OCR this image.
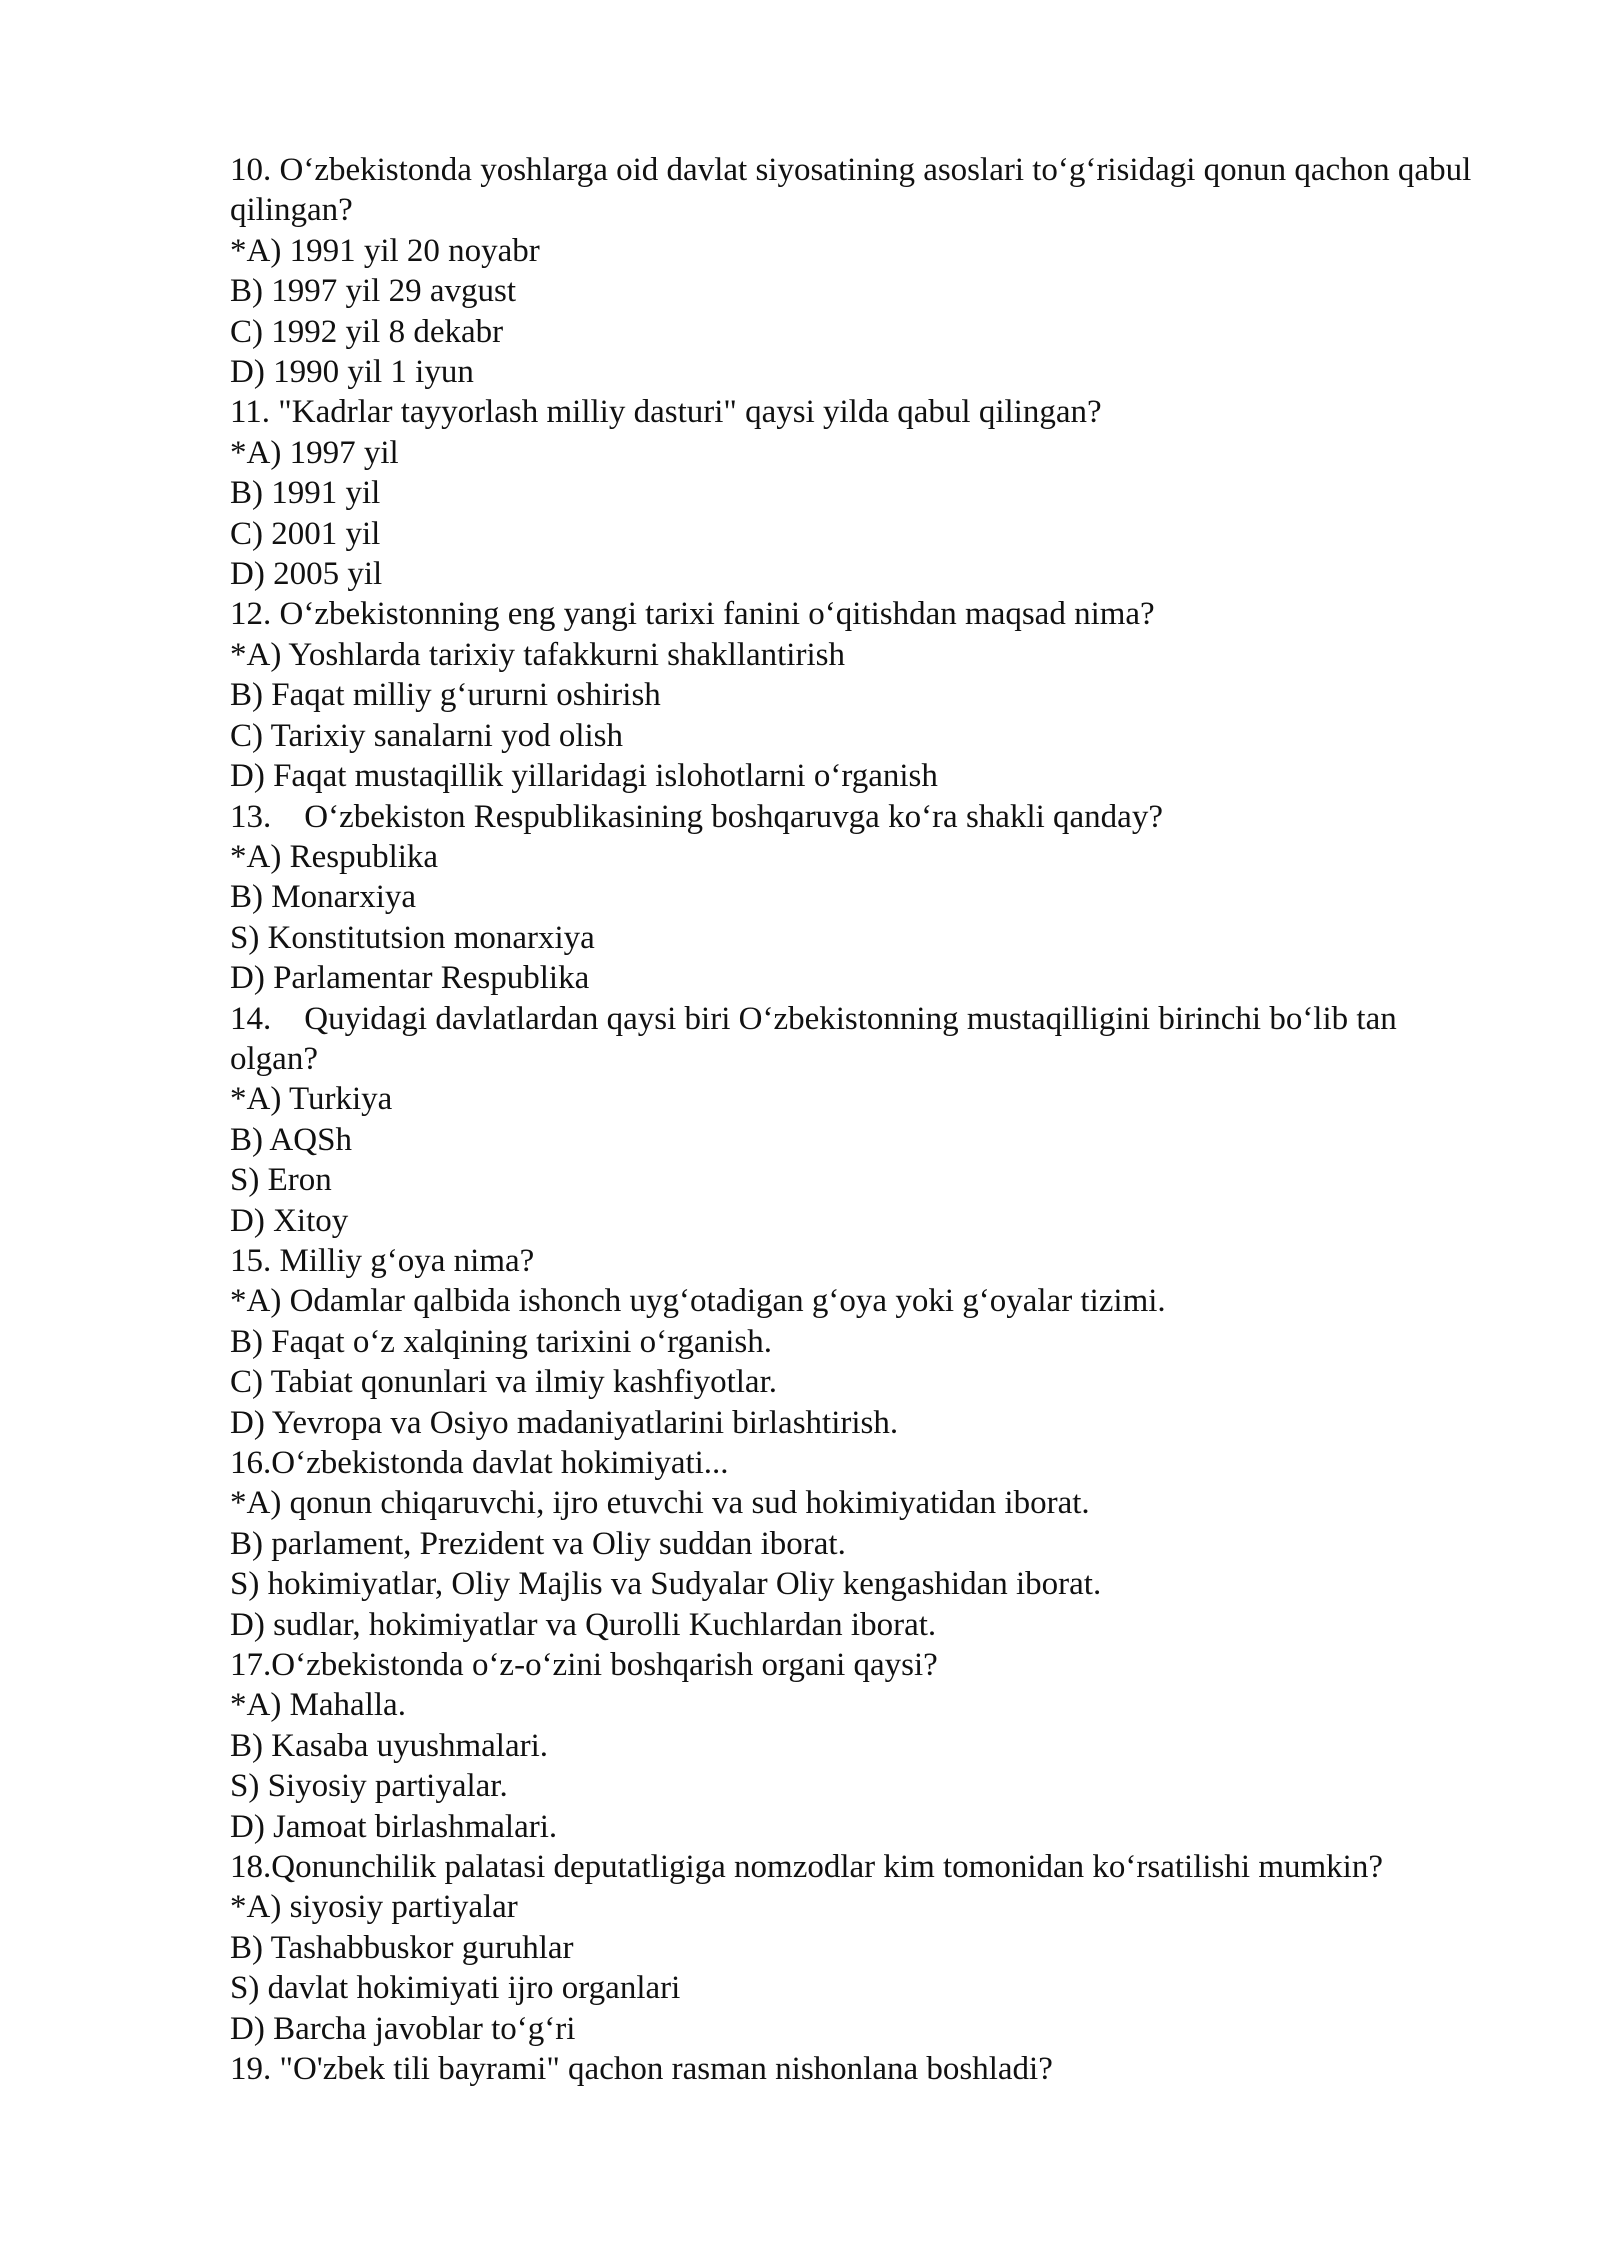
10. O‘zbekistonda yoshlarga oid davlat siyosatining asoslari to‘g‘risidagi qonun qachon qabul qilingan?

*A) 1991 yil 20 noyabr

B) 1997 yil 29 avgust

C) 1992 yil 8 dekabr

D) 1990 yil 1 iyun

11. "Kadrlar tayyorlash milliy dasturi" qaysi yilda qabul qilingan?

*A) 1997 yil

B) 1991 yil

C) 2001 yil

D) 2005 yil

12. O‘zbekistonning eng yangi tarixi fanini o‘qitishdan maqsad nima?

*A) Yoshlarda tarixiy tafakkurni shakllantirish

B) Faqat milliy g‘ururni oshirish

C) Tarixiy sanalarni yod olish

D) Faqat mustaqillik yillaridagi islohotlarni o‘rganish

13.    O‘zbekiston Respublikasining boshqaruvga ko‘ra shakli qanday?

*A) Respublika

B) Monarxiya

S) Konstitutsion monarxiya

D) Parlamentar Respublika

14.    Quyidagi davlatlardan qaysi biri O‘zbekistonning mustaqilligini birinchi bo‘lib tan olgan?

*A) Turkiya

B) AQSh

S) Eron

D) Xitoy

15. Milliy g‘oya nima?

*A) Odamlar qalbida ishonch uyg‘otadigan g‘oya yoki g‘oyalar tizimi.

B) Faqat o‘z xalqining tarixini o‘rganish.

C) Tabiat qonunlari va ilmiy kashfiyotlar.

D) Yevropa va Osiyo madaniyatlarini birlashtirish.

16.O‘zbekistonda davlat hokimiyati...

*A) qonun chiqaruvchi, ijro etuvchi va sud hokimiyatidan iborat.

B) parlament, Prezident va Oliy suddan iborat.

S) hokimiyatlar, Oliy Majlis va Sudyalar Oliy kengashidan iborat.

D) sudlar, hokimiyatlar va Qurolli Kuchlardan iborat.

17.O‘zbekistonda o‘z-o‘zini boshqarish organi qaysi?

*A) Mahalla.

B) Kasaba uyushmalari.

S) Siyosiy partiyalar.

D) Jamoat birlashmalari.

18.Qonunchilik palatasi deputatligiga nomzodlar kim tomonidan ko‘rsatilishi mumkin?

*A) siyosiy partiyalar

B) Tashabbuskor guruhlar

S) davlat hokimiyati ijro organlari

D) Barcha javoblar to‘g‘ri

19. "O'zbek tili bayrami" qachon rasman nishonlana boshladi?
